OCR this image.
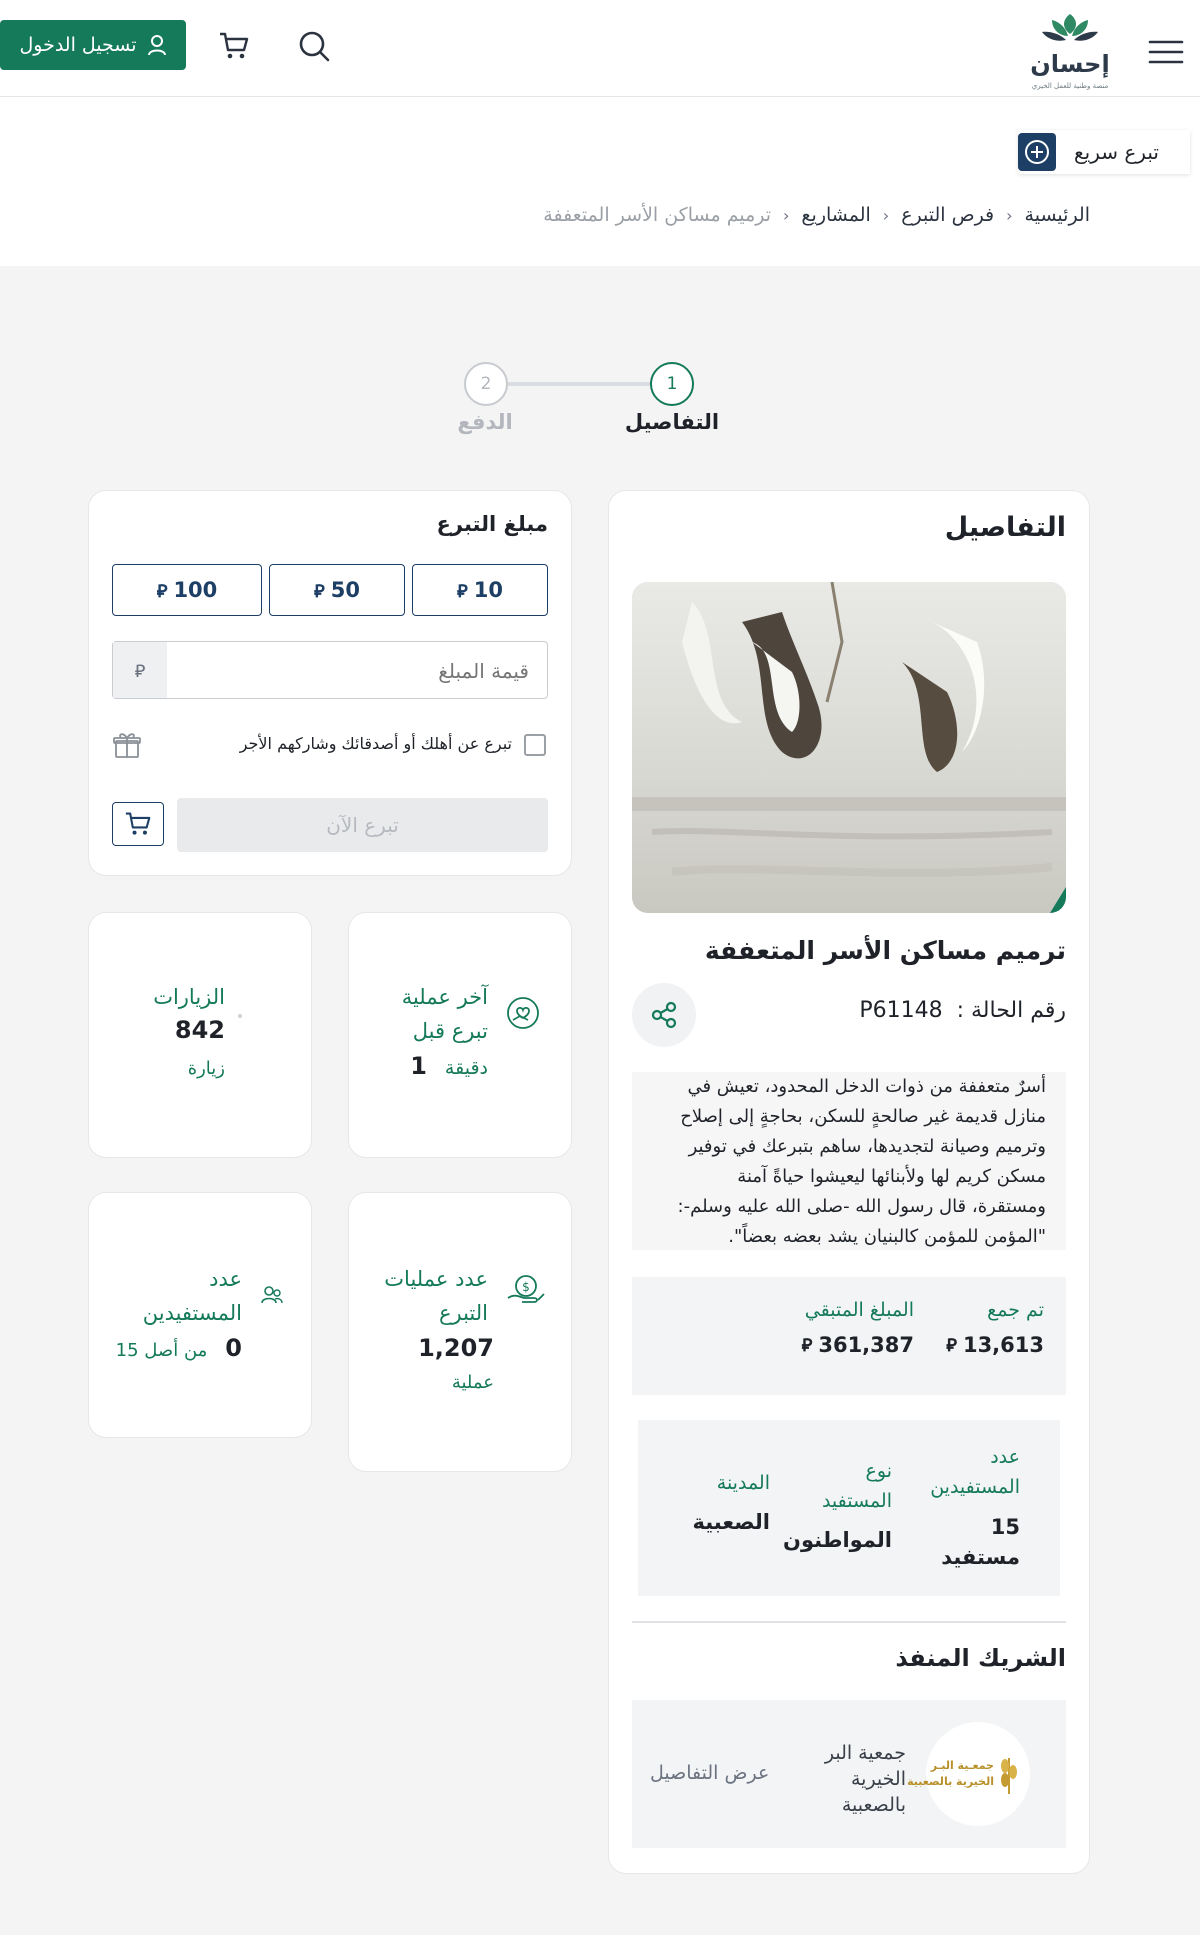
تسجيل الدخول
إحسان
منصة وطنية للعمل الخيري
تبرع سريع
الرئيسية
‹
فرص التبرع
‹
المشاريع
‹
ترميم مساكن الأسر المتعففة
1
التفاصيل
2
الدفع
التفاصيل
ترميم مساكن الأسر المتعففة
رقم الحالة :
P61148
أسرٌ متعففة من ذوات الدخل المحدود، تعيش في
منازل قديمة غير صالحةٍ للسكن، بحاجةٍ إلى إصلاح
وترميم وصيانة لتجديدها، ساهم بتبرعك في توفير
مسكن كريم لها ولأبنائها ليعيشوا حياةً آمنة
ومستقرة، قال رسول الله -صلى الله عليه وسلم-:
"المؤمن للمؤمن كالبنيان يشد بعضه بعضاً".
تم جمع
13,613
⃁
المبلغ المتبقي
361,387
⃁
عدد
المستفيدين
15
مستفيد
نوع
المستفيد
المواطنون
المدينة
الصعبية
الشريك المنفذ
جمعـية البـر
الخيرية بالصعبية
جمعية البر
الخيرية
بالصعبية
عرض التفاصيل
مبلغ التبرع
10
⃁
50
⃁
100
⃁
قيمة المبلغ
⃁
تبرع عن أهلك أو أصدقائك وشاركهم الأجر
تبرع الآن
آخر عملية
تبرع قبل
دقيقة
1
الزيارات
842
زيارة
$
عدد عمليات
التبرع
1,207
عملية
عدد
المستفيدين
0
من أصل 15
